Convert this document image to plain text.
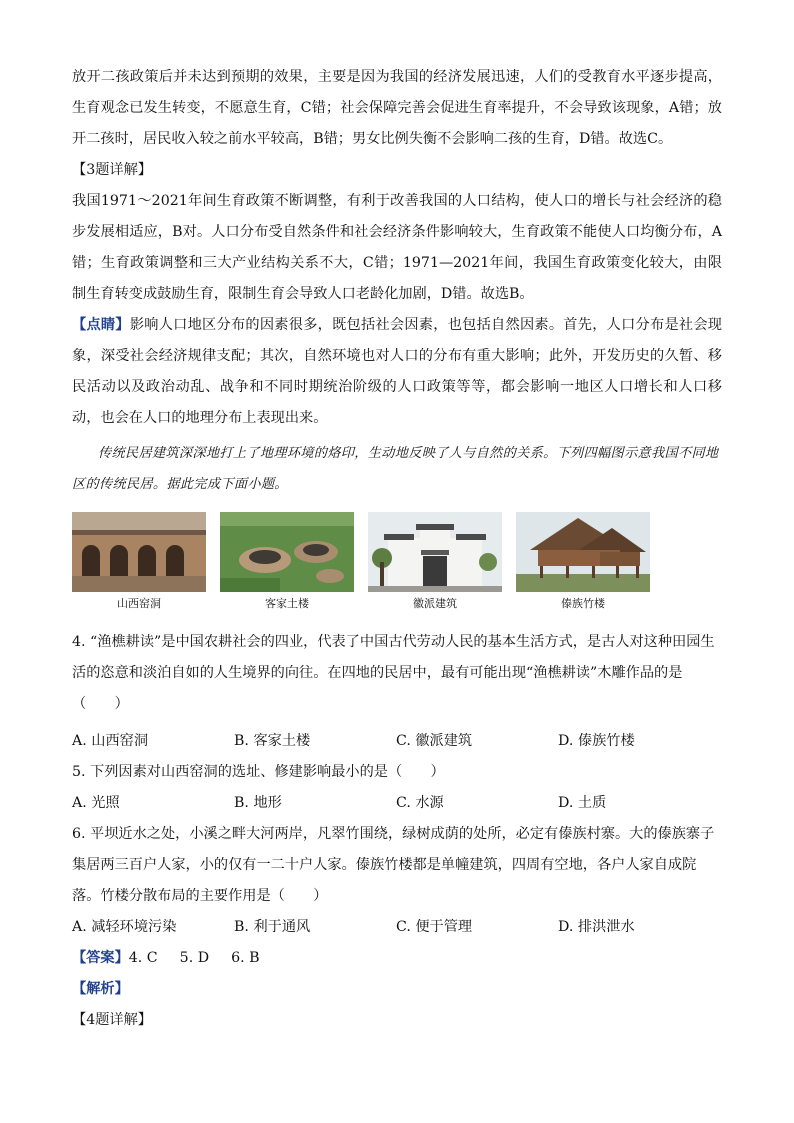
放开二孩政策后并未达到预期的效果，主要是因为我国的经济发展迅速，人们的受教育水平逐步提高，生育观念已发生转变，不愿意生育，C错；社会保障完善会促进生育率提升，不会导致该现象，A错；放开二孩时，居民收入较之前水平较高，B错；男女比例失衡不会影响二孩的生育，D错。故选C。

【3题详解】

我国1971～2021年间生育政策不断调整，有利于改善我国的人口结构，使人口的增长与社会经济的稳步发展相适应，B对。人口分布受自然条件和社会经济条件影响较大，生育政策不能使人口均衡分布，A错；生育政策调整和三大产业结构关系不大，C错；1971—2021年间，我国生育政策变化较大，由限制生育转变成鼓励生育，限制生育会导致人口老龄化加剧，D错。故选B。

【点睛】影响人口地区分布的因素很多，既包括社会因素，也包括自然因素。首先，人口分布是社会现象，深受社会经济规律支配；其次，自然环境也对人口的分布有重大影响；此外，开发历史的久暂、移民活动以及政治动乱、战争和不同时期统治阶级的人口政策等等，都会影响一地区人口增长和人口移动，也会在人口的地理分布上表现出来。

传统民居建筑深深地打上了地理环境的烙印，生动地反映了人与自然的关系。下列四幅图示意我国不同地区的传统民居。据此完成下面小题。

山西窑洞	客家土楼	徽派建筑	傣族竹楼

4. “渔樵耕读”是中国农耕社会的四业，代表了中国古代劳动人民的基本生活方式，是古人对这种田园生活的恣意和淡泊自如的人生境界的向往。在四地的民居中，最有可能出现“渔樵耕读”木雕作品的是（　　）

A. 山西窑洞	B. 客家土楼	C. 徽派建筑	D. 傣族竹楼

5. 下列因素对山西窑洞的选址、修建影响最小的是（　　）

A. 光照	B. 地形	C. 水源	D. 土质

6. 平坝近水之处，小溪之畔大河两岸，凡翠竹围绕，绿树成荫的处所，必定有傣族村寨。大的傣族寨子集居两三百户人家，小的仅有一二十户人家。傣族竹楼都是单幢建筑，四周有空地，各户人家自成院落。竹楼分散布局的主要作用是（　　）

A. 减轻环境污染	B. 利于通风	C. 便于管理	D. 排洪泄水

【答案】4. C 5. D 6. B

【解析】

【4题详解】
